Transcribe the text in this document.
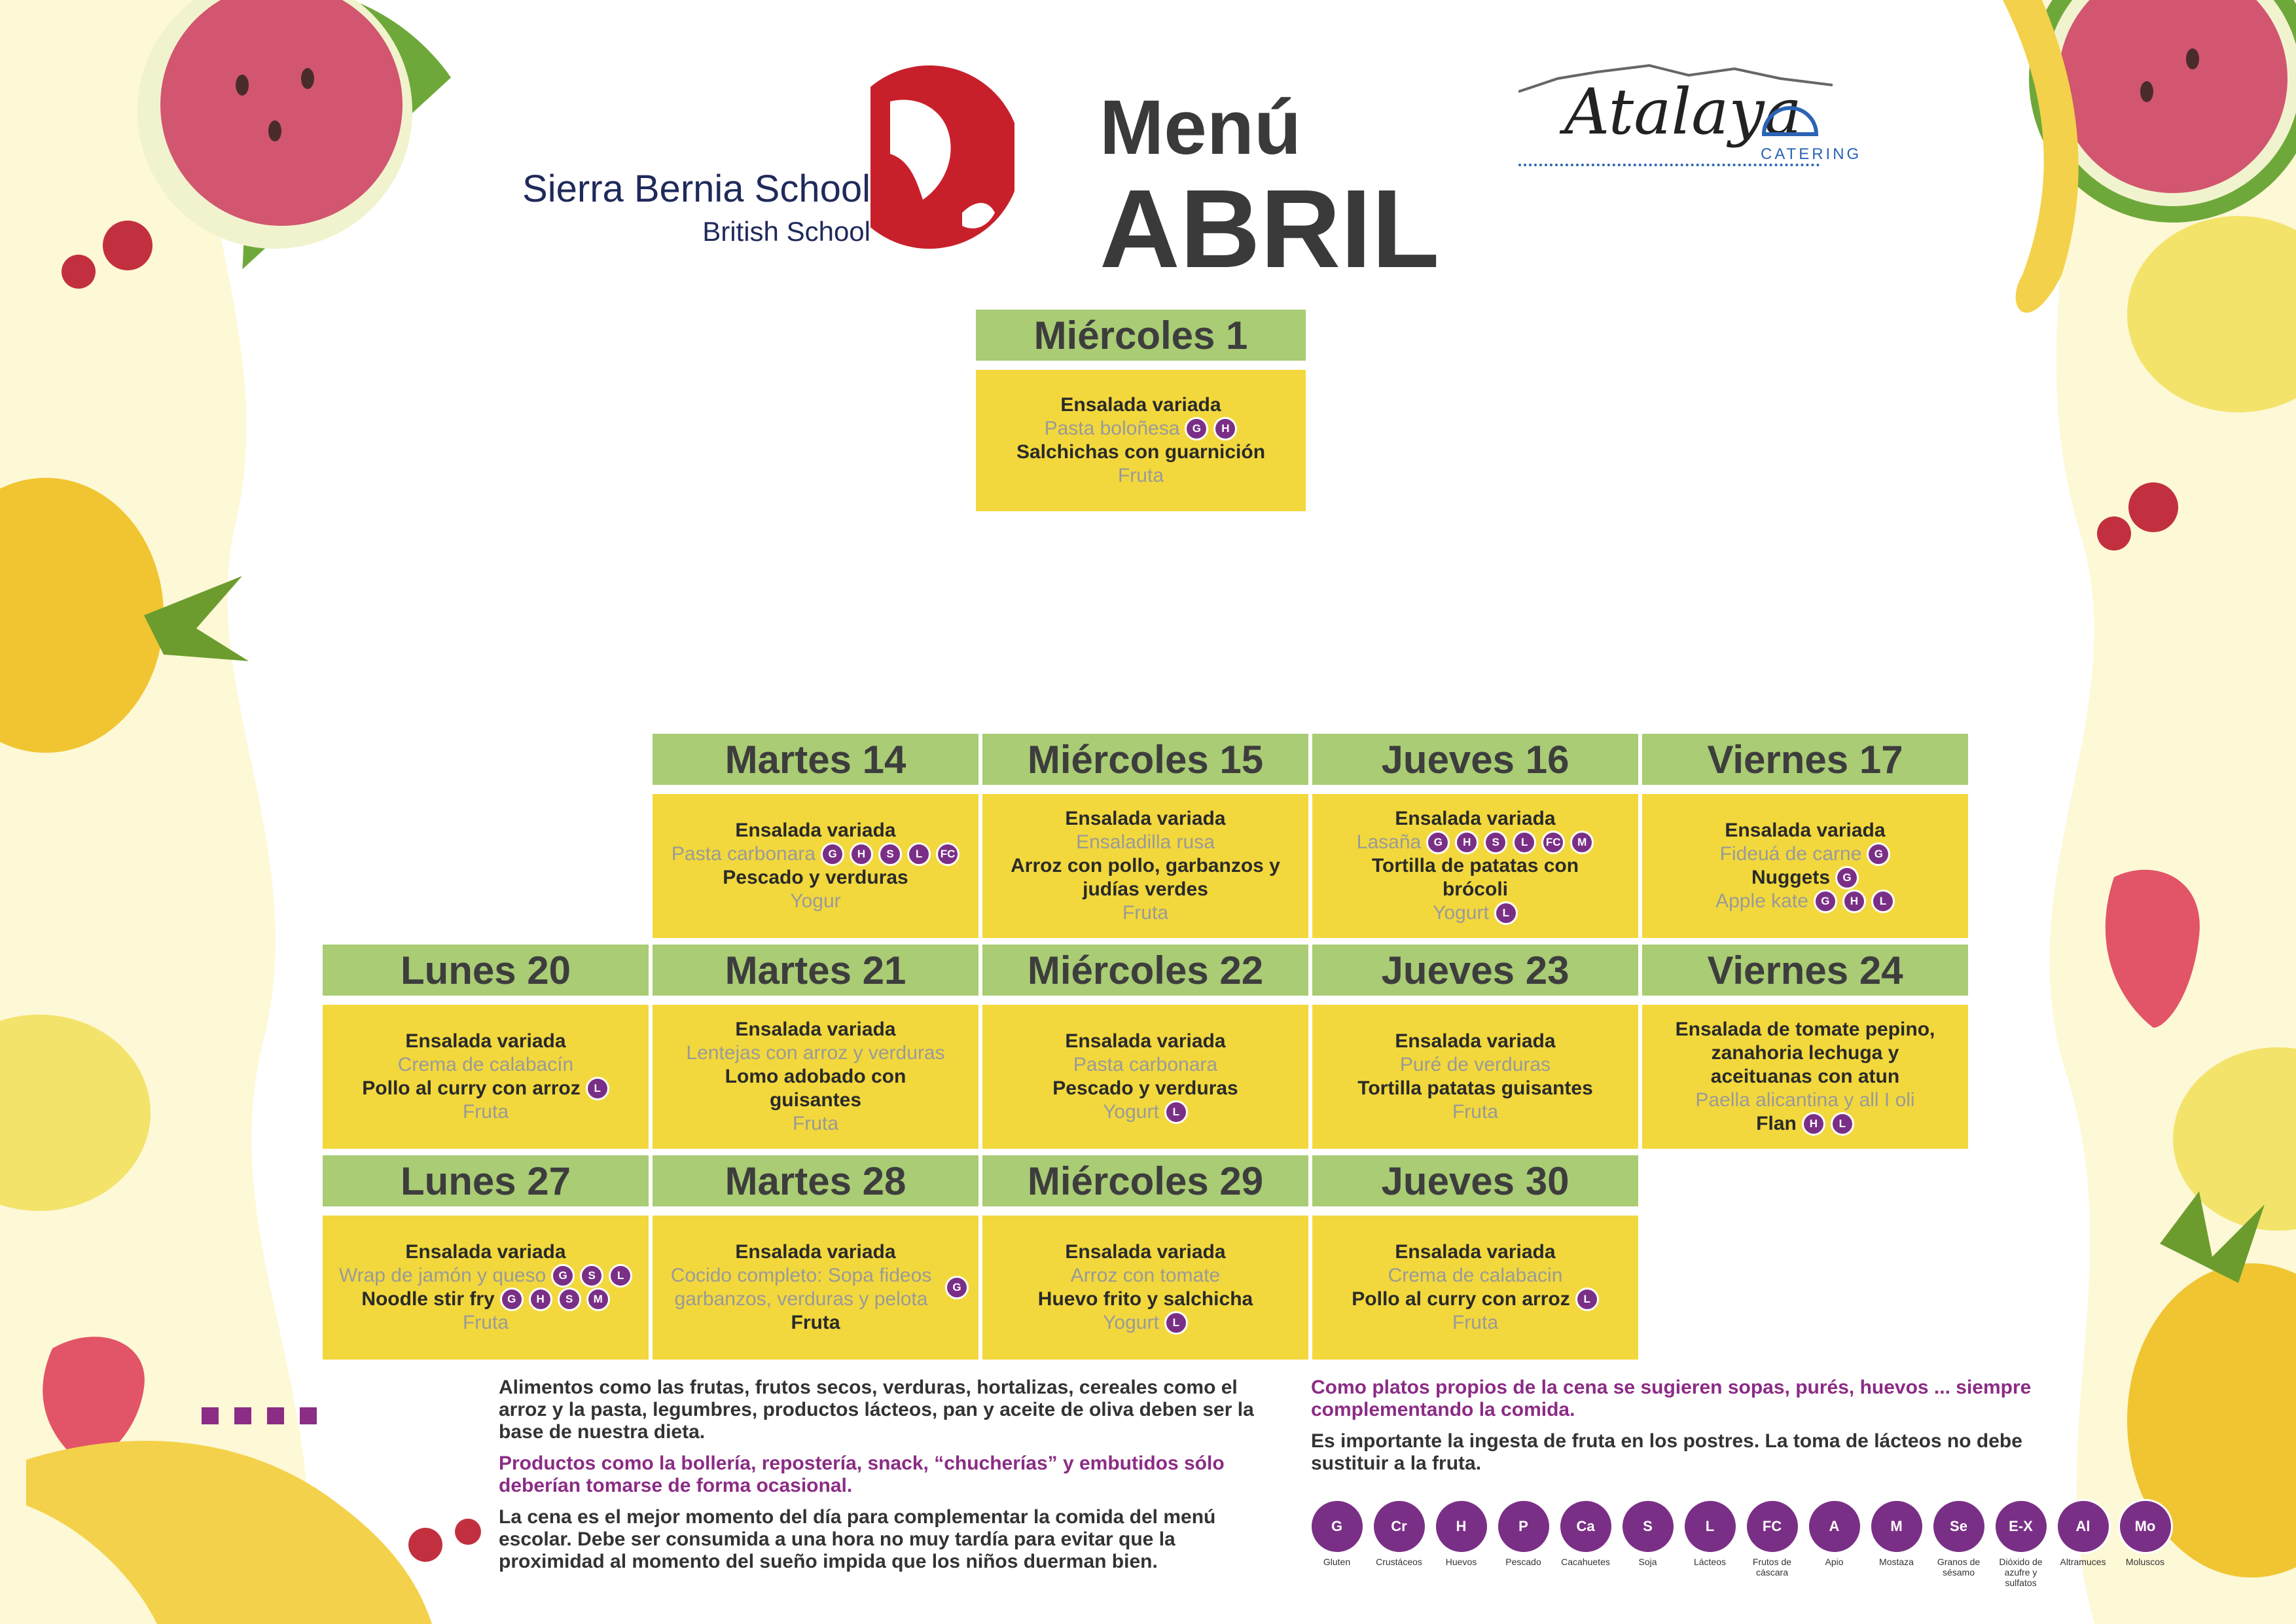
Sierra Bernia School
British School
Menú
ABRIL
Atalaya
CATERING
Miércoles 1
Ensalada variada
Pasta boloñesa	G	H
Salchichas con guarnición
Fruta
Martes 14
Ensalada variada
Pasta carbonara	G	H	S	L	FC
Pescado y verduras
Yogur
Miércoles 15
Ensalada variada
Ensaladilla rusa
Arroz con pollo, garbanzos y judías verdes
Fruta
Jueves 16
Ensalada variada
Lasaña	G	H	S	L	FC	M
Tortilla de patatas con brócoli
Yogurt	L
Viernes 17
Ensalada variada
Fideuá de carne	G
Nuggets	G
Apple kate	G	H	L
Lunes 20
Ensalada variada
Crema de calabacín
Pollo al curry con arroz	L
Fruta
Martes 21
Ensalada variada
Lentejas con arroz y verduras
Lomo adobado con guisantes
Fruta
Miércoles 22
Ensalada variada
Pasta carbonara
Pescado y verduras
Yogurt	L
Jueves 23
Ensalada variada
Puré de verduras
Tortilla patatas guisantes
Fruta
Viernes 24
Ensalada de tomate pepino, zanahoria lechuga y aceituanas con atun
Paella alicantina y all I oli
Flan	H	L
Lunes 27
Ensalada variada
Wrap de jamón y queso	G	S	L
Noodle stir fry	G	H	S	M
Fruta
Martes 28
Ensalada variada
Cocido completo: Sopa fideos garbanzos, verduras y pelota
G
Fruta
Miércoles 29
Ensalada variada
Arroz con tomate
Huevo frito y salchicha
Yogurt	L
Jueves 30
Ensalada variada
Crema de calabacin
Pollo al curry con arroz	L
Fruta

Alimentos como las frutas, frutos secos, verduras, hortalizas, cereales como el arroz y la pasta, legumbres, productos lácteos, pan y aceite de oliva deben ser la base de nuestra dieta.

Productos como la bollería, repostería, snack, “chucherías” y embutidos sólo deberían tomarse de forma ocasional.

La cena es el mejor momento del día para complementar la comida del menú escolar. Debe ser consumida a una hora no muy tardía para evitar que la proximidad al momento del sueño impida que los niños duerman bien.

Como platos propios de la cena se sugieren sopas, purés, huevos ... siempre complementando la comida.

Es importante la ingesta de fruta en los postres. La toma de lácteos no debe sustituir a la fruta.

G
Gluten
Cr
Crustáceos
H
Huevos
P
Pescado
Ca
Cacahuetes
S
Soja
L
Lácteos
FC
Frutos de cáscara
A
Apio
M
Mostaza
Se
Granos de sésamo
E-X
Dióxido de azufre y sulfatos
Al
Altramuces
Mo
Moluscos
